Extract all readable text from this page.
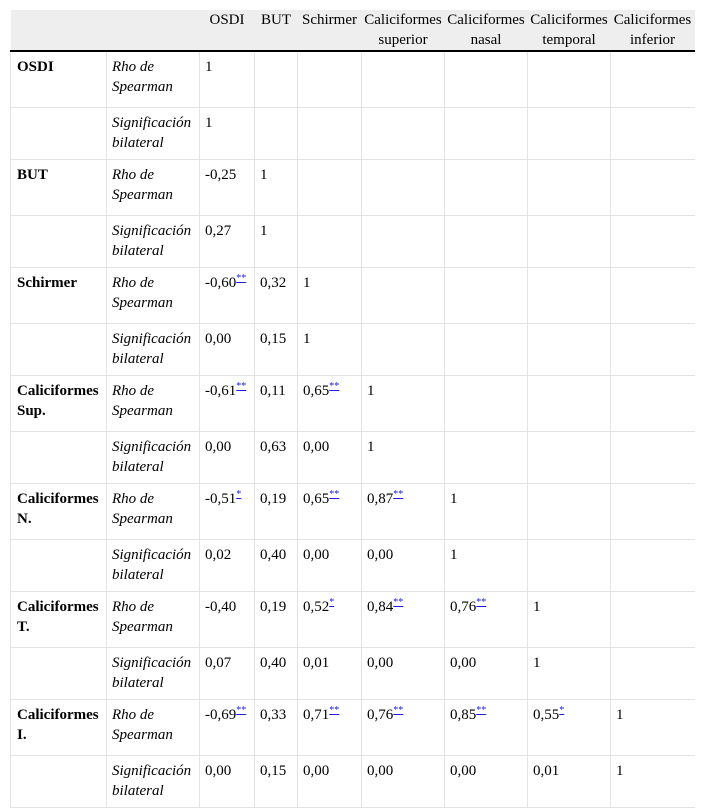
		OSDI	BUT	Schirmer	Caliciformes superior	Caliciformes nasal	Caliciformes temporal	Caliciformes inferior
OSDI	Rho de Spearman	1						
	Significación bilateral	1						
BUT	Rho de Spearman	-0,25	1					
	Significación bilateral	0,27	1					
Schirmer	Rho de Spearman	-0,60**	0,32	1				
	Significación bilateral	0,00	0,15	1				
Caliciformes Sup.	Rho de Spearman	-0,61**	0,11	0,65**	1			
	Significación bilateral	0,00	0,63	0,00	1			
Caliciformes N.	Rho de Spearman	-0,51*	0,19	0,65**	0,87**	1		
	Significación bilateral	0,02	0,40	0,00	0,00	1		
Caliciformes T.	Rho de Spearman	-0,40	0,19	0,52*	0,84**	0,76**	1	
	Significación bilateral	0,07	0,40	0,01	0,00	0,00	1	
Caliciformes I.	Rho de Spearman	-0,69**	0,33	0,71**	0,76**	0,85**	0,55*	1
	Significación bilateral	0,00	0,15	0,00	0,00	0,00	0,01	1
